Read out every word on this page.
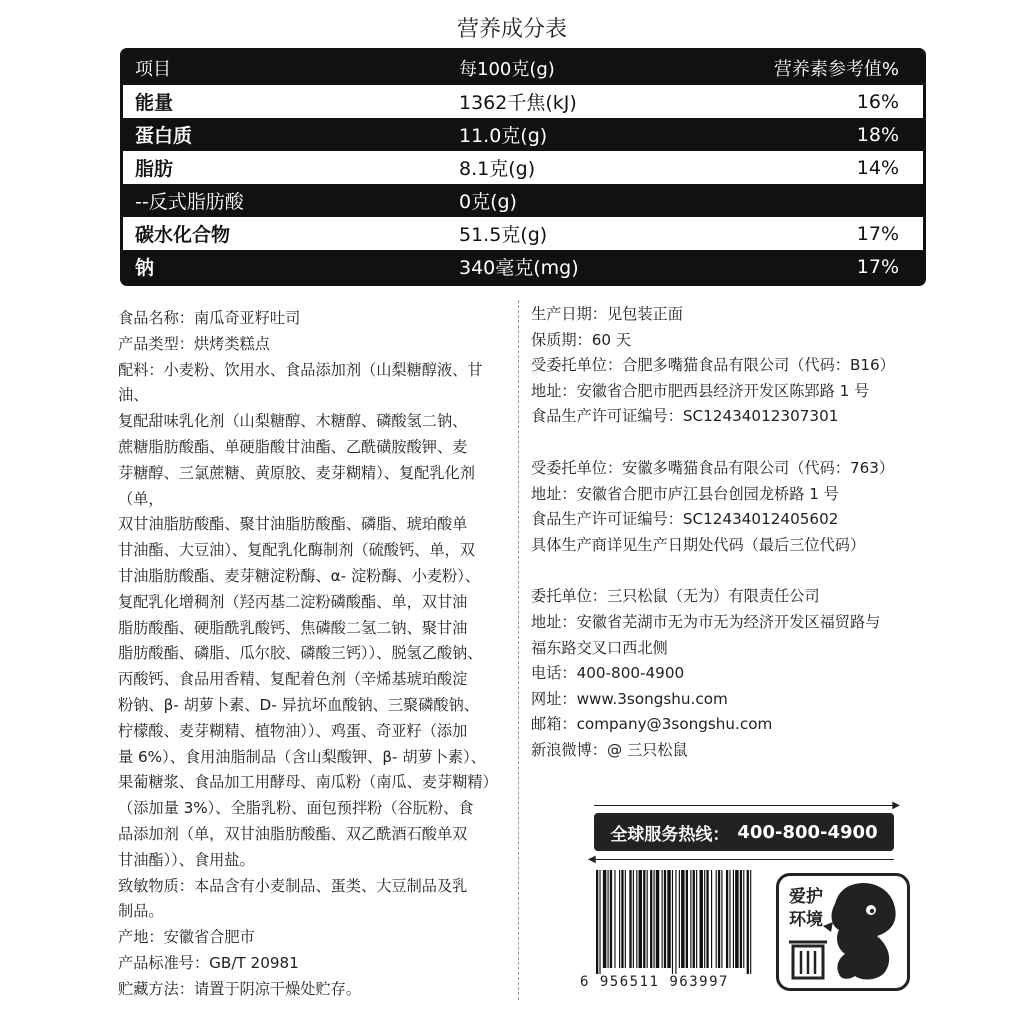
营养成分表
项目	每100克(g)	营养素参考值%
能量	1362千焦(kJ)	16%
蛋白质	11.0克(g)	18%
脂肪	8.1克(g)	14%
--反式脂肪酸	0克(g)
碳水化合物	51.5克(g)	17%
钠	340毫克(mg)	17%

食品名称：南瓜奇亚籽吐司

产品类型：烘烤类糕点

配料：小麦粉、饮用水、食品添加剂（山梨糖醇液、甘油、

复配甜味乳化剂（山梨糖醇、木糖醇、磷酸氢二钠、

蔗糖脂肪酸酯、单硬脂酸甘油酯、乙酰磺胺酸钾、麦

芽糖醇、三氯蔗糖、黄原胶、麦芽糊精）、复配乳化剂（单，

双甘油脂肪酸酯、聚甘油脂肪酸酯、磷脂、琥珀酸单

甘油酯、大豆油）、复配乳化酶制剂（硫酸钙、单，双

甘油脂肪酸酯、麦芽糖淀粉酶、α- 淀粉酶、小麦粉）、

复配乳化增稠剂（羟丙基二淀粉磷酸酯、单，双甘油

脂肪酸酯、硬脂酰乳酸钙、焦磷酸二氢二钠、聚甘油

脂肪酸酯、磷脂、瓜尔胶、磷酸三钙））、脱氢乙酸钠、

丙酸钙、食品用香精、复配着色剂（辛烯基琥珀酸淀

粉钠、β- 胡萝卜素、D- 异抗坏血酸钠、三聚磷酸钠、

柠檬酸、麦芽糊精、植物油））、鸡蛋、奇亚籽（添加

量 6%）、食用油脂制品（含山梨酸钾、β- 胡萝卜素）、

果葡糖浆、食品加工用酵母、南瓜粉（南瓜、麦芽糊精）

（添加量 3%）、全脂乳粉、面包预拌粉（谷朊粉、食

品添加剂（单，双甘油脂肪酸酯、双乙酰酒石酸单双

甘油酯））、食用盐。

致敏物质：本品含有小麦制品、蛋类、大豆制品及乳

制品。

产地：安徽省合肥市

产品标准号：GB/T 20981

贮藏方法：请置于阴凉干燥处贮存。

生产日期：见包装正面

保质期：60 天

受委托单位：合肥多嘴猫食品有限公司（代码：B16）

地址：安徽省合肥市肥西县经济开发区陈郢路 1 号

食品生产许可证编号：SC12434012307301

受委托单位：安徽多嘴猫食品有限公司（代码：763）

地址：安徽省合肥市庐江县台创园龙桥路 1 号

食品生产许可证编号：SC12434012405602

具体生产商详见生产日期处代码（最后三位代码）

委托单位：三只松鼠（无为）有限责任公司

地址：安徽省芜湖市无为市无为经济开发区福贸路与

福东路交叉口西北侧

电话：400-800-4900

网址：www.3songshu.com

邮箱：company@3songshu.com

新浪微博：@ 三只松鼠

▶
全球服务热线： 400-800-4900
◀
6 956511 963997
爱护
环境
